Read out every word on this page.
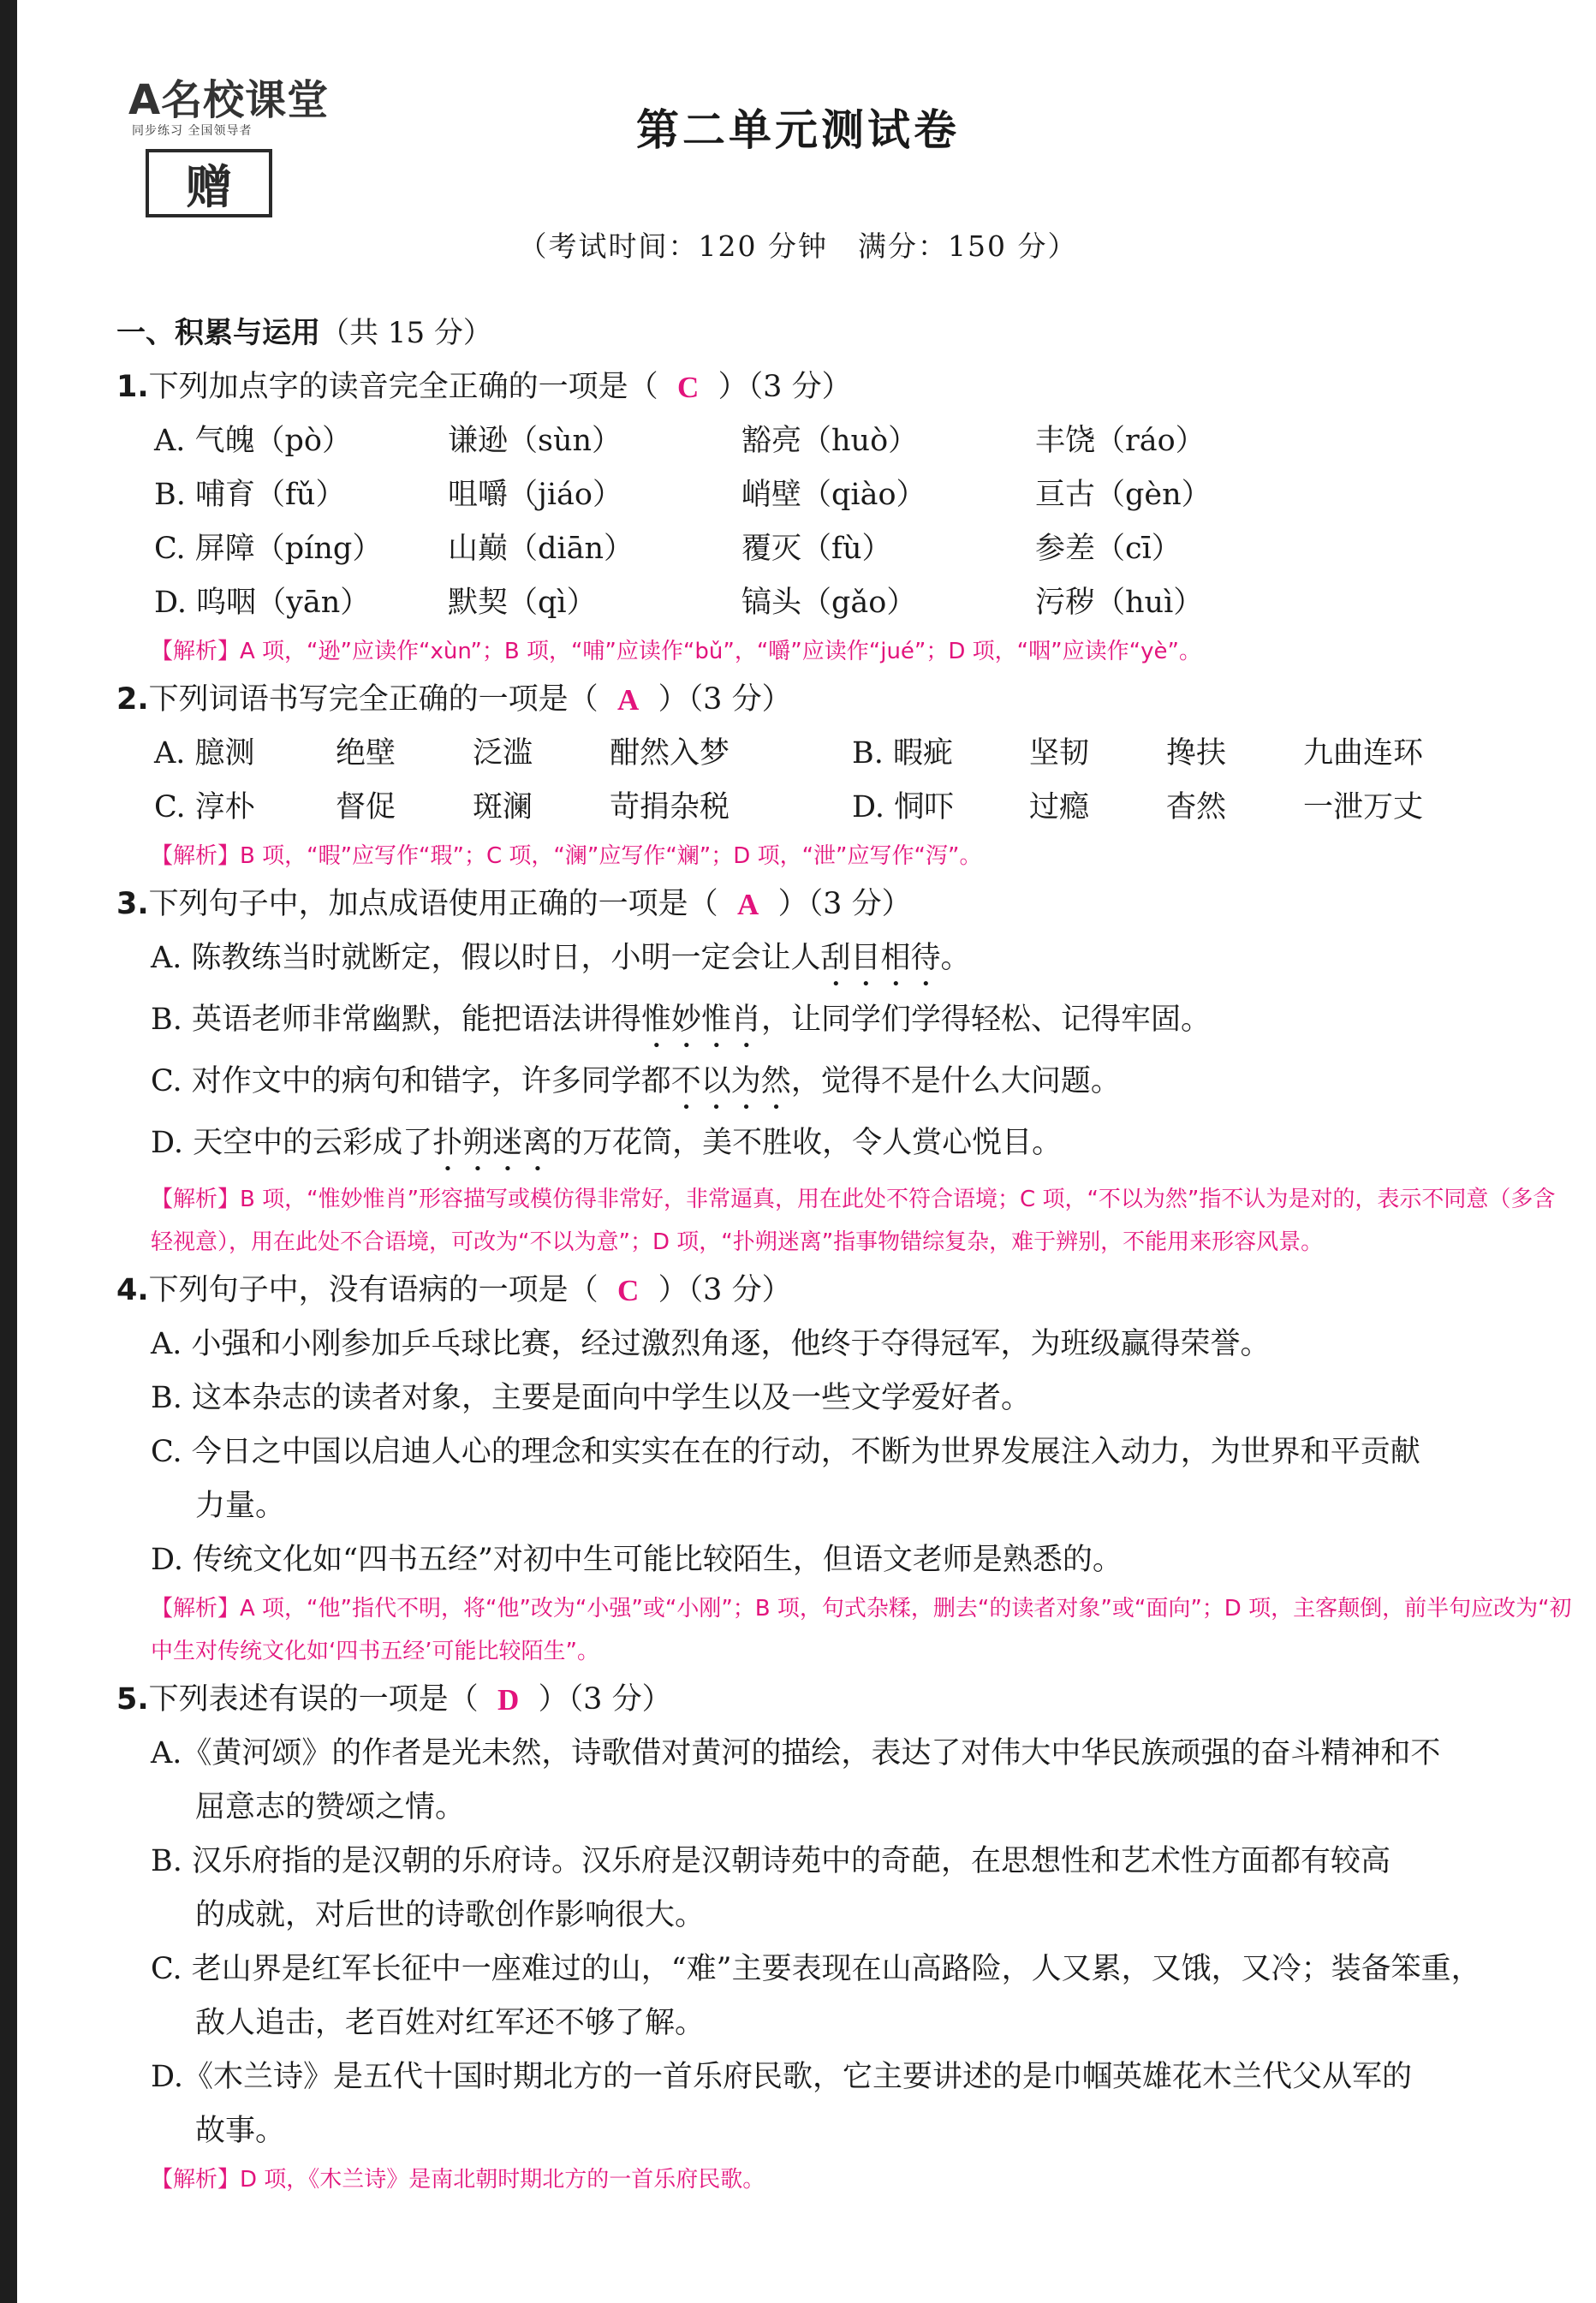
A名校课堂
同步练习 全国领导者
赠
第二单元测试卷
（考试时间：120 分钟　满分：150 分）
一、积累与运用（共 15 分）
1. 下列加点字的读音完全正确的一项是（ C ）（3 分）
A. 气魄（pò）	谦逊（sùn）	豁亮（huò）	丰饶（ráo）
B. 哺育（fǔ）	咀嚼（jiáo）	峭壁（qiào）	亘古（gèn）
C. 屏障（píng）	山巅（diān）	覆灭（fù）	参差（cī）
D. 呜咽（yān）	默契（qì）	镐头（gǎo）	污秽（huì）
【解析】A 项，“逊”应读作“xùn”；B 项，“哺”应读作“bǔ”，“嚼”应读作“jué”；D 项，“咽”应读作“yè”。
2. 下列词语书写完全正确的一项是（ A ）（3 分）
A. 臆测	绝壁	泛滥	酣然入梦	B. 暇疵	坚韧	搀扶	九曲连环
C. 淳朴	督促	斑澜	苛捐杂税	D. 恫吓	过瘾	杳然	一泄万丈
【解析】B 项，“暇”应写作“瑕”；C 项，“澜”应写作“斓”；D 项，“泄”应写作“泻”。
3. 下列句子中，加点成语使用正确的一项是（ A ）（3 分）
A. 陈教练当时就断定，假以时日，小明一定会让人刮目相待。
B. 英语老师非常幽默，能把语法讲得惟妙惟肖，让同学们学得轻松、记得牢固。
C. 对作文中的病句和错字，许多同学都不以为然，觉得不是什么大问题。
D. 天空中的云彩成了扑朔迷离的万花筒，美不胜收，令人赏心悦目。
【解析】B 项，“惟妙惟肖”形容描写或模仿得非常好，非常逼真，用在此处不符合语境；C 项，“不以为然”指不认为是对的，表示不同意（多含轻视意），用在此处不合语境，可改为“不以为意”；D 项，“扑朔迷离”指事物错综复杂，难于辨别，不能用来形容风景。
4. 下列句子中，没有语病的一项是（ C ）（3 分）
A. 小强和小刚参加乒乓球比赛，经过激烈角逐，他终于夺得冠军，为班级赢得荣誉。
B. 这本杂志的读者对象，主要是面向中学生以及一些文学爱好者。
C. 今日之中国以启迪人心的理念和实实在在的行动，不断为世界发展注入动力，为世界和平贡献
力量。
D. 传统文化如“四书五经”对初中生可能比较陌生，但语文老师是熟悉的。
【解析】A 项，“他”指代不明，将“他”改为“小强”或“小刚”；B 项，句式杂糅，删去“的读者对象”或“面向”；D 项，主客颠倒，前半句应改为“初中生对传统文化如‘四书五经’可能比较陌生”。
5. 下列表述有误的一项是（ D ）（3 分）
A.《黄河颂》的作者是光未然，诗歌借对黄河的描绘，表达了对伟大中华民族顽强的奋斗精神和不
屈意志的赞颂之情。
B. 汉乐府指的是汉朝的乐府诗。汉乐府是汉朝诗苑中的奇葩，在思想性和艺术性方面都有较高
的成就，对后世的诗歌创作影响很大。
C. 老山界是红军长征中一座难过的山，“难”主要表现在山高路险，人又累，又饿，又冷；装备笨重，
敌人追击，老百姓对红军还不够了解。
D.《木兰诗》是五代十国时期北方的一首乐府民歌，它主要讲述的是巾帼英雄花木兰代父从军的
故事。
【解析】D 项，《木兰诗》是南北朝时期北方的一首乐府民歌。
